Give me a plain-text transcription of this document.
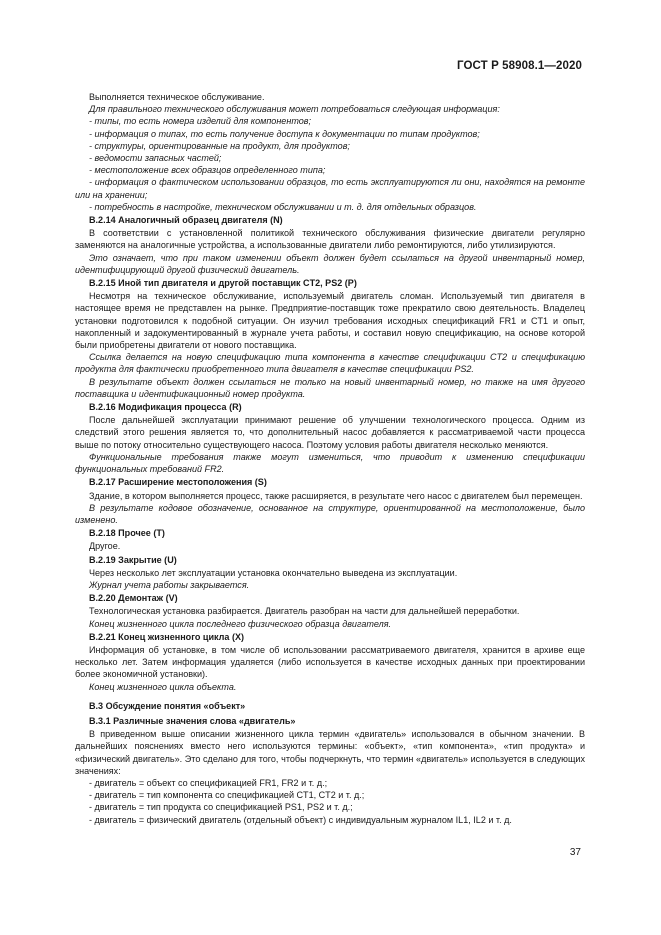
ГОСТ Р 58908.1—2020

Выполняется техническое обслуживание.

Для правильного технического обслуживания может потребоваться следующая информация:

- типы, то есть номера изделий для компонентов;

- информация о типах, то есть получение доступа к документации по типам продуктов;

- структуры, ориентированные на продукт, для продуктов;

- ведомости запасных частей;

- местоположение всех образцов определенного типа;

- информация о фактическом использовании образцов, то есть эксплуатируются ли они, находятся на ремонте или на хранении;

- потребность в настройке, техническом обслуживании и т. д. для отдельных образцов.

B.2.14 Аналогичный образец двигателя (N)

В соответствии с установленной политикой технического обслуживания физические двигатели регулярно заменяются на аналогичные устройства, а использованные двигатели либо ремонтируются, либо утилизируются.

Это означает, что при таком изменении объект должен будет ссылаться на другой инвентарный номер, идентифицирующий другой физический двигатель.

B.2.15 Иной тип двигателя и другой поставщик CT2, PS2 (P)

Несмотря на техническое обслуживание, используемый двигатель сломан. Используемый тип двигателя в настоящее время не представлен на рынке. Предприятие-поставщик тоже прекратило свою деятельность. Владелец установки подготовился к подобной ситуации. Он изучил требования исходных спецификаций FR1 и CT1 и опыт, накопленный и задокументированный в журнале учета работы, и составил новую спецификацию, на основе которой были приобретены двигатели от нового поставщика.

Ссылка делается на новую спецификацию типа компонента в качестве спецификации CT2 и спецификацию продукта для фактически приобретенного типа двигателя в качестве спецификации PS2.

В результате объект должен ссылаться не только на новый инвентарный номер, но также на имя другого поставщика и идентификационный номер продукта.

B.2.16 Модификация процесса (R)

После дальнейшей эксплуатации принимают решение об улучшении технологического процесса. Одним из следствий этого решения является то, что дополнительный насос добавляется к рассматриваемой части процесса выше по потоку относительно существующего насоса. Поэтому условия работы двигателя несколько меняются.

Функциональные требования также могут измениться, что приводит к изменению спецификации функциональных требований FR2.

B.2.17 Расширение местоположения (S)

Здание, в котором выполняется процесс, также расширяется, в результате чего насос с двигателем был перемещен.

В результате кодовое обозначение, основанное на структуре, ориентированной на местоположение, было изменено.

B.2.18 Прочее (T)

Другое.

B.2.19 Закрытие (U)

Через несколько лет эксплуатации установка окончательно выведена из эксплуатации.

Журнал учета работы закрывается.

B.2.20 Демонтаж (V)

Технологическая установка разбирается. Двигатель разобран на части для дальнейшей переработки.

Конец жизненного цикла последнего физического образца двигателя.

B.2.21 Конец жизненного цикла (X)

Информация об установке, в том числе об использовании рассматриваемого двигателя, хранится в архиве еще несколько лет. Затем информация удаляется (либо используется в качестве исходных данных при проектировании более экономичной установки).

Конец жизненного цикла объекта.

B.3 Обсуждение понятия «объект»

B.3.1 Различные значения слова «двигатель»

В приведенном выше описании жизненного цикла термин «двигатель» использовался в обычном значении. В дальнейших пояснениях вместо него используются термины: «объект», «тип компонента», «тип продукта» и «физический двигатель». Это сделано для того, чтобы подчеркнуть, что термин «двигатель» используется в следующих значениях:

- двигатель = объект со спецификацией FR1, FR2 и т. д.;

- двигатель = тип компонента со спецификацией CT1, CT2 и т. д.;

- двигатель = тип продукта со спецификацией PS1, PS2 и т. д.;

- двигатель = физический двигатель (отдельный объект) с индивидуальным журналом IL1, IL2 и т. д.

37
